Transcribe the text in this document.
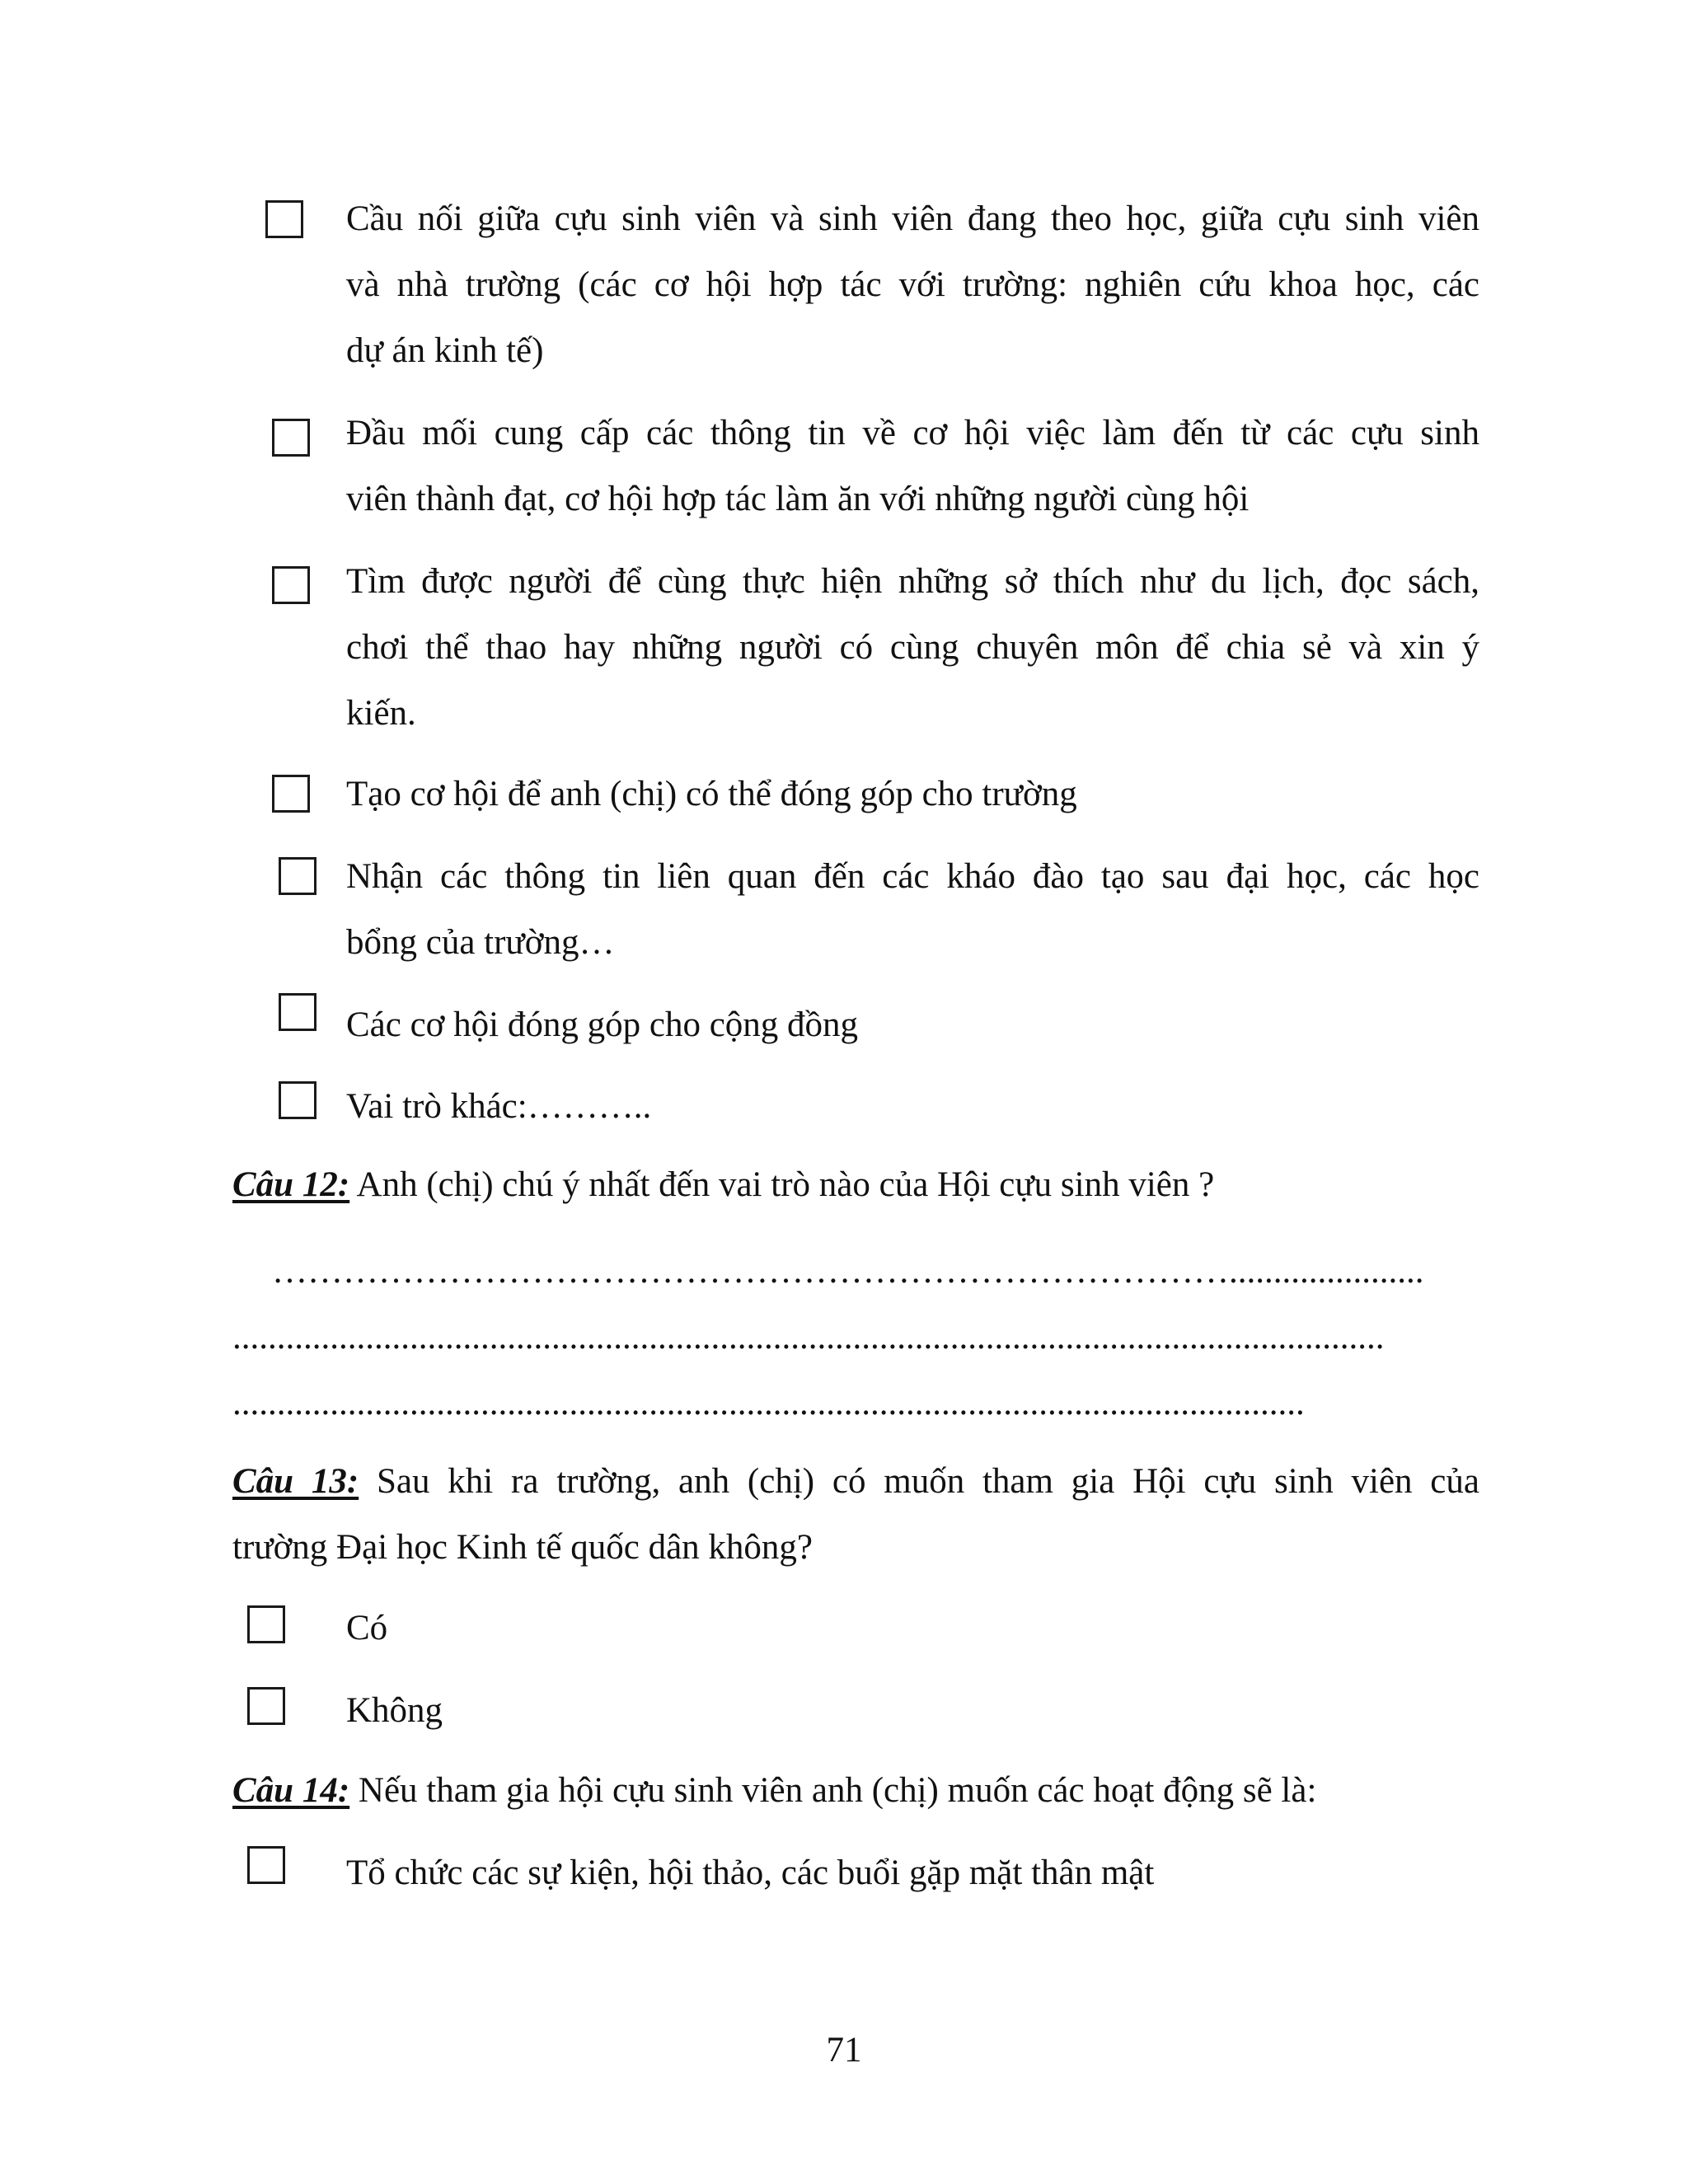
Cầu nối giữa cựu sinh viên và sinh viên đang theo học, giữa cựu sinh viên
và nhà trường (các cơ hội hợp tác với trường: nghiên cứu khoa học, các
dự án kinh tế)
Đầu mối cung cấp các thông tin về cơ hội việc làm đến từ các cựu sinh
viên thành đạt, cơ hội hợp tác làm ăn với những người cùng hội
Tìm được người để cùng thực hiện những sở thích như du lịch, đọc sách,
chơi thể thao hay những người có cùng chuyên môn để chia sẻ và xin ý
kiến.
Tạo cơ hội để anh (chị) có thể đóng góp cho trường
Nhận các thông tin liên quan đến các kháo đào tạo sau đại học, các học
bổng của trường…
Các cơ hội đóng góp cho cộng đồng
Vai trò khác:………..
Câu 12: Anh (chị) chú ý nhất đến vai trò nào của Hội cựu sinh viên ?
………………………………………………………………………......................
..................................................................................................................................
.........................................................................................................................
Câu 13: Sau khi ra trường, anh (chị) có muốn tham gia Hội cựu sinh viên của
trường Đại học Kinh tế quốc dân không?
Có
Không
Câu 14: Nếu tham gia hội cựu sinh viên anh (chị) muốn các hoạt động sẽ là:
Tổ chức các sự kiện, hội thảo, các buổi gặp mặt thân mật
71
